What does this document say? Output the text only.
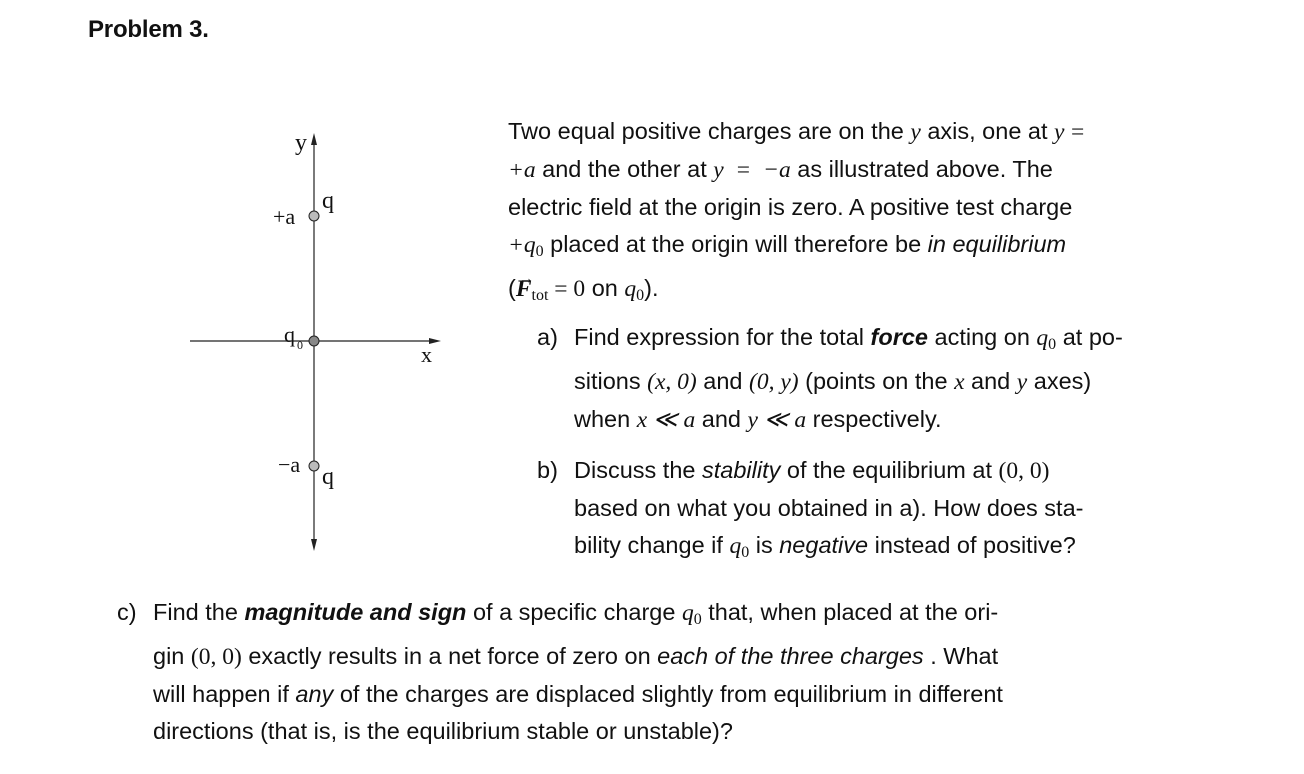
Problem 3.
y
x
+a
−a
q
q
q 0
Two equal positive charges are on the y axis, one at y =
+a and the other at y = −a as illustrated above. The
electric field at the origin is zero. A positive test charge
$+q_0$ placed at the origin will therefore be in equilibrium
(→ $F_{tot} = 0$ on $q_0$).
a) Find expression for the total force acting on $q_0$ at po-
sitions (x, 0) and (0, y) (points on the x and y axes)
when x ≪ a and y ≪ a respectively.
b) Discuss the stability of the equilibrium at (0, 0)
based on what you obtained in a). How does sta-
bility change if $q_0$ is negative instead of positive?
c) Find the magnitude and sign of a specific charge $q_0$ that, when placed at the ori-
gin (0, 0) exactly results in a net force of zero on each of the three charges . What
will happen if any of the charges are displaced slightly from equilibrium in different
directions (that is, is the equilibrium stable or unstable)?
